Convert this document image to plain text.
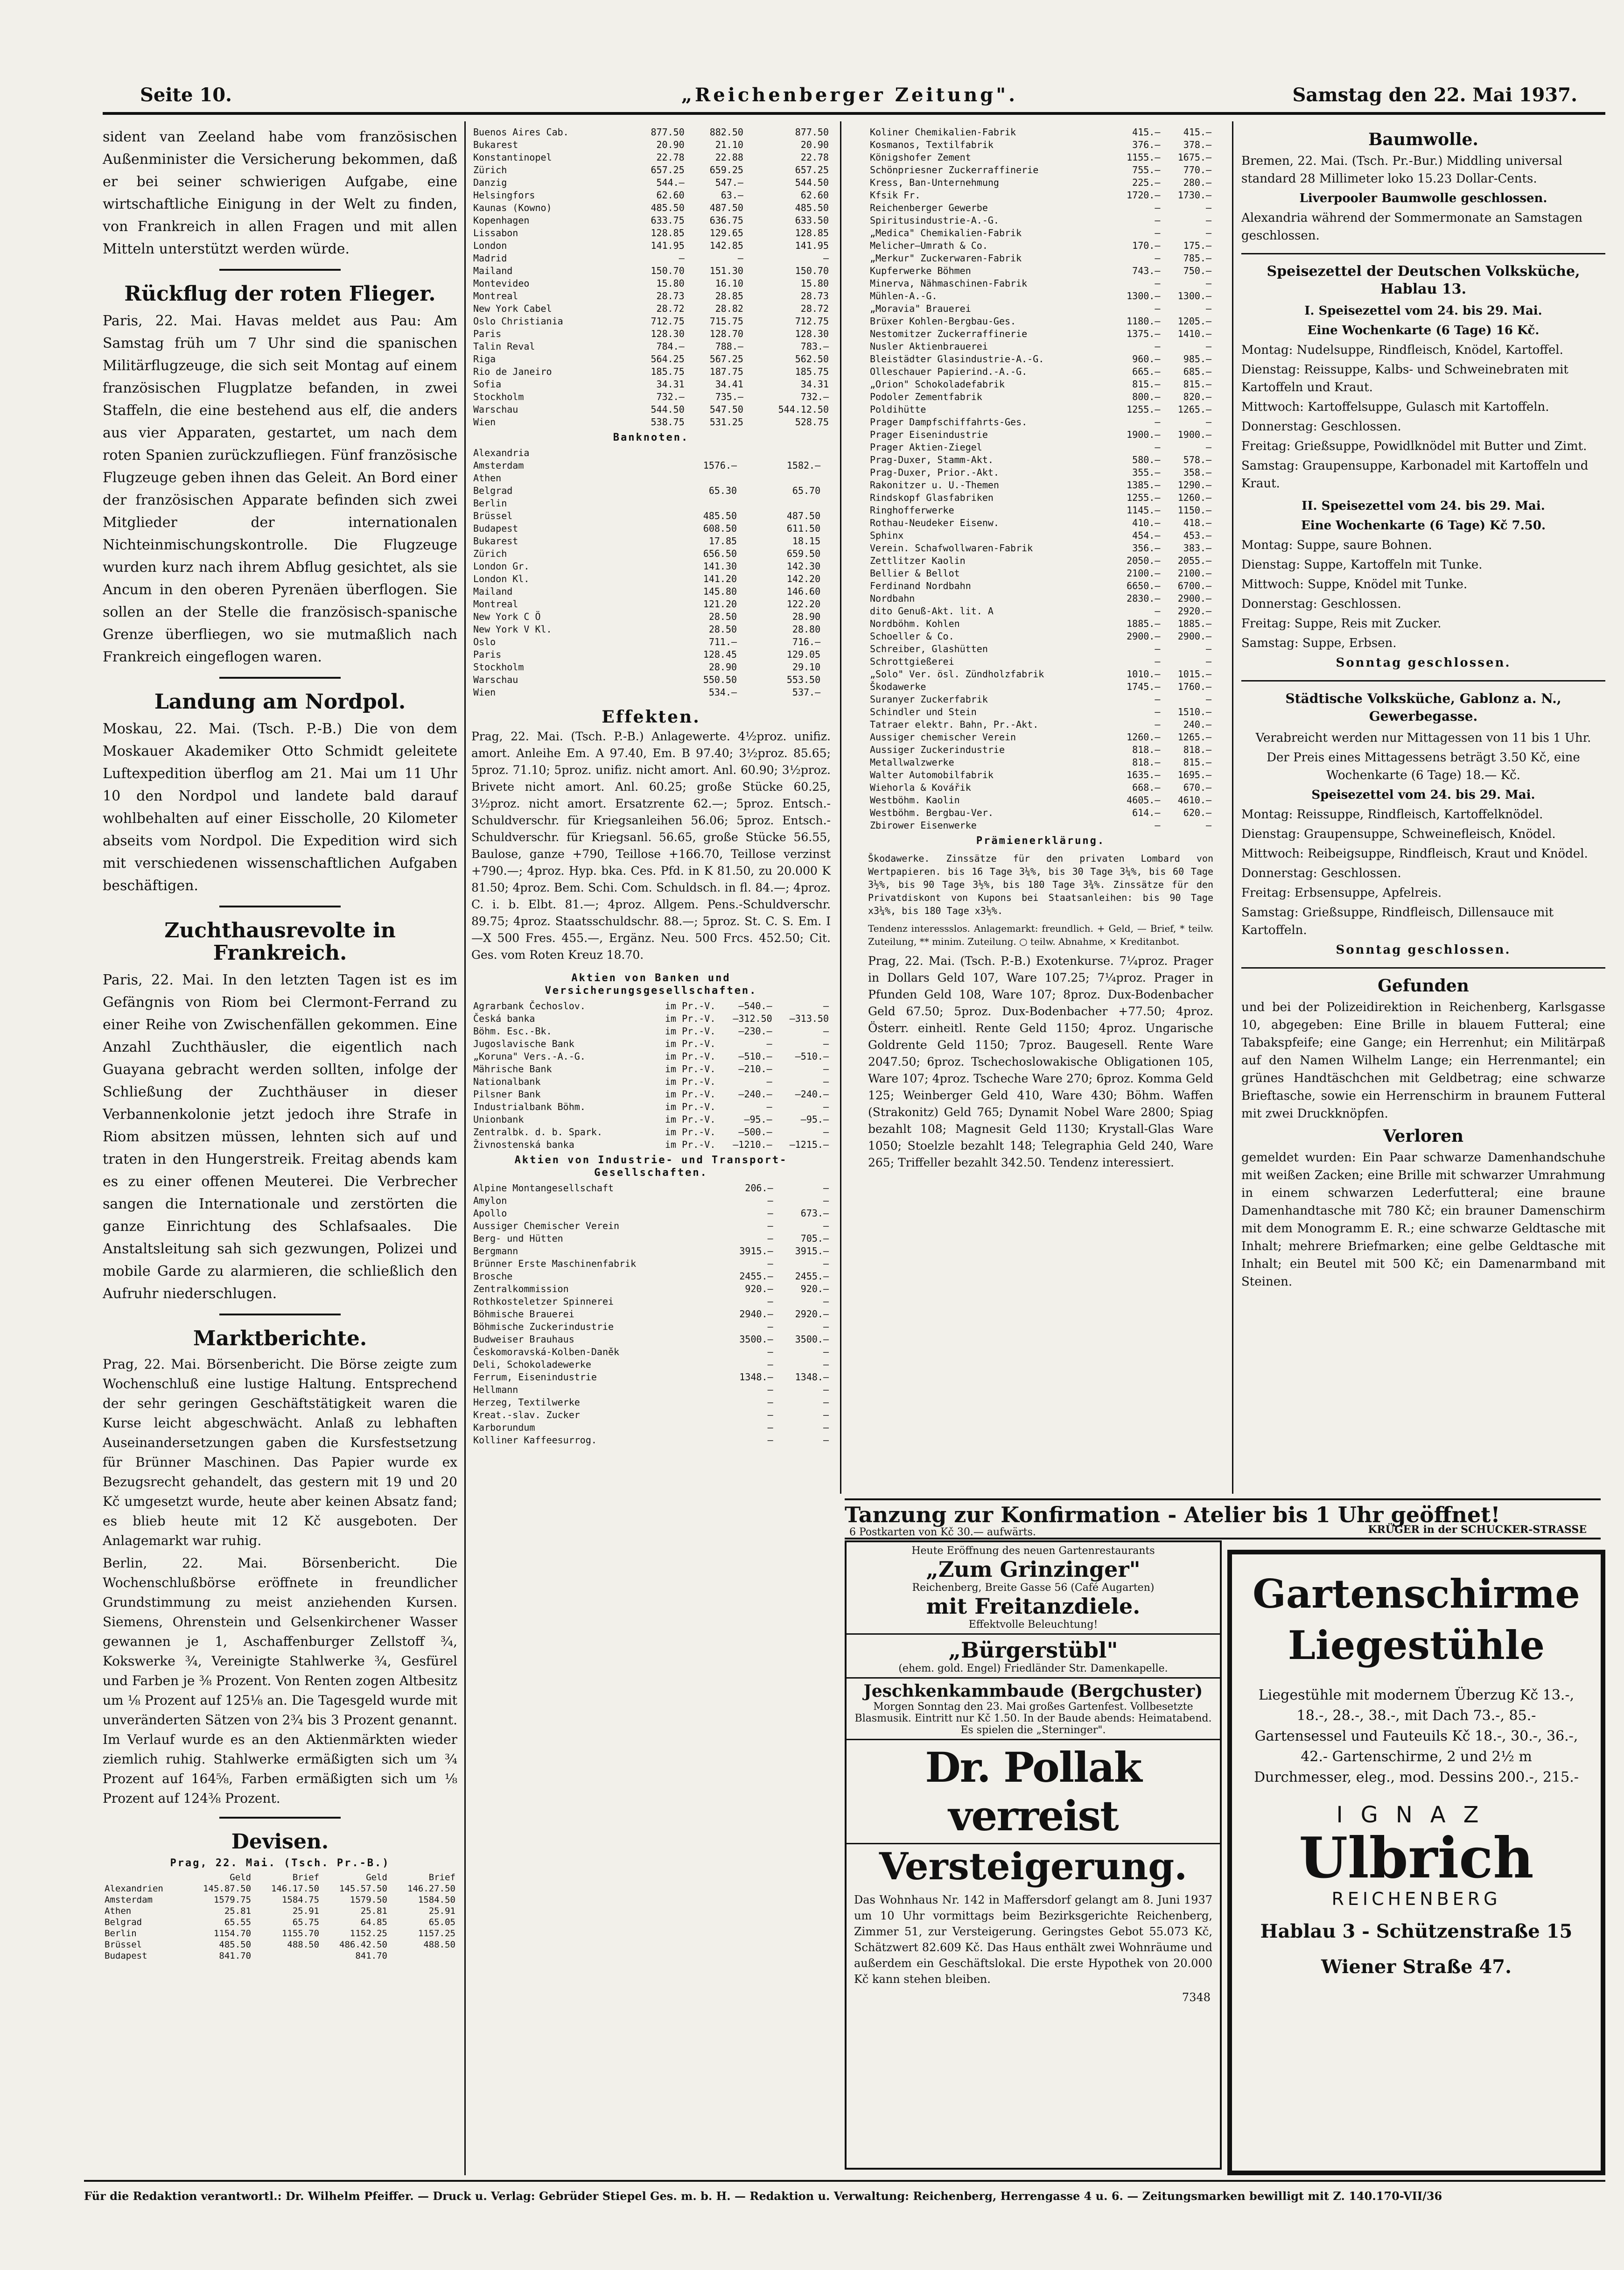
Seite 10.	„Reichenberger Zeitung".	Samstag den 22. Mai 1937.

sident van Zeeland habe vom französischen Außenminister die Versicherung bekommen, daß er bei seiner schwierigen Aufgabe, eine wirtschaftliche Einigung in der Welt zu finden, von Frankreich in allen Fragen und mit allen Mitteln unterstützt werden würde.

Rückflug der roten Flieger.

Paris, 22. Mai. Havas meldet aus Pau: Am Samstag früh um 7 Uhr sind die spanischen Militärflugzeuge, die sich seit Montag auf einem französischen Flugplatze befanden, in zwei Staffeln, die eine bestehend aus elf, die anders aus vier Apparaten, gestartet, um nach dem roten Spanien zurückzufliegen. Fünf französische Flugzeuge geben ihnen das Geleit. An Bord einer der französischen Apparate befinden sich zwei Mitglieder der internationalen Nichteinmischungskontrolle. Die Flugzeuge wurden kurz nach ihrem Abflug gesichtet, als sie Ancum in den oberen Pyrenäen überflogen. Sie sollen an der Stelle die französisch-spanische Grenze überfliegen, wo sie mutmaßlich nach Frankreich eingeflogen waren.

Landung am Nordpol.

Moskau, 22. Mai. (Tsch. P.-B.) Die von dem Moskauer Akademiker Otto Schmidt geleitete Luftexpedition überflog am 21. Mai um 11 Uhr 10 den Nordpol und landete bald darauf wohlbehalten auf einer Eisscholle, 20 Kilometer abseits vom Nordpol. Die Expedition wird sich mit verschiedenen wissenschaftlichen Aufgaben beschäftigen.

Zuchthausrevolte in Frankreich.

Paris, 22. Mai. In den letzten Tagen ist es im Gefängnis von Riom bei Clermont-Ferrand zu einer Reihe von Zwischenfällen gekommen. Eine Anzahl Zuchthäusler, die eigentlich nach Guayana gebracht werden sollten, infolge der Schließung der Zuchthäuser in dieser Verbannenkolonie jetzt jedoch ihre Strafe in Riom absitzen müssen, lehnten sich auf und traten in den Hungerstreik. Freitag abends kam es zu einer offenen Meuterei. Die Verbrecher sangen die Internationale und zerstörten die ganze Einrichtung des Schlafsaales. Die Anstaltsleitung sah sich gezwungen, Polizei und mobile Garde zu alarmieren, die schließlich den Aufruhr niederschlugen.

Marktberichte.

Prag, 22. Mai. Börsenbericht. Die Börse zeigte zum Wochenschluß eine lustige Haltung. Entsprechend der sehr geringen Geschäftstätigkeit waren die Kurse leicht abgeschwächt. Anlaß zu lebhaften Auseinandersetzungen gaben die Kursfestsetzung für Brünner Maschinen. Das Papier wurde ex Bezugsrecht gehandelt, das gestern mit 19 und 20 Kč umgesetzt wurde, heute aber keinen Absatz fand; es blieb heute mit 12 Kč ausgeboten. Der Anlagemarkt war ruhig.

Berlin, 22. Mai. Börsenbericht. Die Wochenschlußbörse eröffnete in freundlicher Grundstimmung zu meist anziehenden Kursen. Siemens, Ohrenstein und Gelsenkirchener Wasser gewannen je 1, Aschaffenburger Zellstoff ¾, Kokswerke ¾, Vereinigte Stahlwerke ¾, Gesfürel und Farben je ⅜ Prozent. Von Renten zogen Altbesitz um ⅛ Prozent auf 125⅛ an. Die Tagesgeld wurde mit unveränderten Sätzen von 2¾ bis 3 Prozent genannt. Im Verlauf wurde es an den Aktienmärkten wieder ziemlich ruhig. Stahlwerke ermäßigten sich um ¾ Prozent auf 164⅝, Farben ermäßigten sich um ⅛ Prozent auf 124⅜ Prozent.

Devisen.
Prag, 22. Mai. (Tsch. Pr.-B.)
	Geld	Brief	Geld	Brief
Alexandrien	145.87.50	146.17.50	145.57.50	146.27.50
Amsterdam	1579.75	1584.75	1579.50	1584.50
Athen	25.81	25.91	25.81	25.91
Belgrad	65.55	65.75	64.85	65.05
Berlin	1154.70	1155.70	1152.25	1157.25
Brüssel	485.50	488.50	486.42.50	488.50
Budapest	841.70		841.70	
Buenos Aires Cab.	877.50	882.50	877.50
Bukarest	20.90	21.10	20.90
Konstantinopel	22.78	22.88	22.78
Zürich	657.25	659.25	657.25
Danzig	544.—	547.—	544.50
Helsingfors	62.60	63.—	62.60
Kaunas (Kowno)	485.50	487.50	485.50
Kopenhagen	633.75	636.75	633.50
Lissabon	128.85	129.65	128.85
London	141.95	142.85	141.95
Madrid	—	—	—
Mailand	150.70	151.30	150.70
Montevideo	15.80	16.10	15.80
Montreal	28.73	28.85	28.73
New York Cabel	28.72	28.82	28.72
Oslo Christiania	712.75	715.75	712.75
Paris	128.30	128.70	128.30
Talin Reval	784.—	788.—	783.—
Riga	564.25	567.25	562.50
Rio de Janeiro	185.75	187.75	185.75
Sofia	34.31	34.41	34.31
Stockholm	732.—	735.—	732.—
Warschau	544.50	547.50	544.12.50
Wien	538.75	531.25	528.75
Banknoten.
Alexandria			
Amsterdam	1576.—	1582.—	
Athen			
Belgrad	65.30	65.70	
Berlin			
Brüssel	485.50	487.50	
Budapest	608.50	611.50	
Bukarest	17.85	18.15	
Zürich	656.50	659.50	
London Gr.	141.30	142.30	
London Kl.	141.20	142.20	
Mailand	145.80	146.60	
Montreal	121.20	122.20	
New York C Ö	28.50	28.90	
New York V Kl.	28.50	28.80	
Oslo	711.—	716.—	
Paris	128.45	129.05	
Stockholm	28.90	29.10	
Warschau	550.50	553.50	
Wien	534.—	537.—	
Effekten.
Prag, 22. Mai. (Tsch. P.-B.) Anlagewerte. 4½proz. unifiz. amort. Anleihe Em. A 97.40, Em. B 97.40; 3½proz. 85.65; 5proz. 71.10; 5proz. unifiz. nicht amort. Anl. 60.90; 3½proz. Brivete nicht amort. Anl. 60.25; große Stücke 60.25, 3½proz. nicht amort. Ersatzrente 62.—; 5proz. Entsch.-Schuldverschr. für Kriegsanleihen 56.06; 5proz. Entsch.-Schuldverschr. für Kriegsanl. 56.65, große Stücke 56.55, Baulose, ganze +790, Teillose +166.70, Teillose verzinst +790.—; 4proz. Hyp. bka. Ces. Pfd. in K 81.50, zu 20.000 K 81.50; 4proz. Bem. Schi. Com. Schuldsch. in fl. 84.—; 4proz. C. i. b. Elbt. 81.—; 4proz. Allgem. Pens.-Schuldverschr. 89.75; 4proz. Staatsschuldschr. 88.—; 5proz. St. C. S. Em. I—X 500 Fres. 455.—, Ergänz. Neu. 500 Frcs. 452.50; Cit. Ges. vom Roten Kreuz 18.70.
Aktien von Banken und Versicherungsgesellschaften.
Agrarbank Čechoslov.	im Pr.-V.	—540.—	—
Česká banka	im Pr.-V.	—312.50	—313.50
Böhm. Esc.-Bk.	im Pr.-V.	—230.—	—
Jugoslavische Bank	im Pr.-V.	—	—
„Koruna" Vers.-A.-G.	im Pr.-V.	—510.—	—510.—
Mährische Bank	im Pr.-V.	—210.—	—
Nationalbank	im Pr.-V.	—	—
Pilsner Bank	im Pr.-V.	—240.—	—240.—
Industrialbank Böhm.	im Pr.-V.	—	—
Unionbank	im Pr.-V.	—95.—	—95.—
Zentralbk. d. b. Spark.	im Pr.-V.	—500.—	—
Živnostenská banka	im Pr.-V.	—1210.—	—1215.—
Aktien von Industrie- und Transport-Gesellschaften.
Alpine Montangesellschaft	206.—	—
Amylon	—	—
Apollo	—	673.—
Aussiger Chemischer Verein	—	—
Berg- und Hütten	—	705.—
Bergmann	3915.—	3915.—
Brünner Erste Maschinenfabrik	—	—
Brosche	2455.—	2455.—
Zentralkommission	920.—	920.—
Rothkosteletzer Spinnerei	—	—
Böhmische Brauerei	2940.—	2920.—
Böhmische Zuckerindustrie	—	—
Budweiser Brauhaus	3500.—	3500.—
Českomoravská-Kolben-Daněk	—	—
Deli, Schokoladewerke	—	—
Ferrum, Eisenindustrie	1348.—	1348.—
Hellmann	—	—
Herzeg, Textilwerke	—	—
Kreat.-slav. Zucker	—	—
Karborundum	—	—
Kolliner Kaffeesurrog.	—	—
Koliner Chemikalien-Fabrik	415.—	415.—
Kosmanos, Textilfabrik	376.—	378.—
Königshofer Zement	1155.—	1675.—
Schönpriesner Zuckerraffinerie	755.—	770.—
Kress, Ban-Unternehmung	225.—	280.—
Kfsik Fr.	1720.—	1730.—
Reichenberger Gewerbe	—	—
Spiritusindustrie-A.-G.	—	—
„Medica" Chemikalien-Fabrik	—	—
Melicher—Umrath & Co.	170.—	175.—
„Merkur" Zuckerwaren-Fabrik	—	785.—
Kupferwerke Böhmen	743.—	750.—
Minerva, Nähmaschinen-Fabrik	—	—
Mühlen-A.-G.	1300.—	1300.—
„Moravia" Brauerei	—	—
Brüxer Kohlen-Bergbau-Ges.	1180.—	1205.—
Nestomitzer Zuckerraffinerie	1375.—	1410.—
Nusler Aktienbrauerei	—	—
Bleistädter Glasindustrie-A.-G.	960.—	985.—
Olleschauer Papierind.-A.-G.	665.—	685.—
„Orion" Schokoladefabrik	815.—	815.—
Podoler Zementfabrik	800.—	820.—
Poldihütte	1255.—	1265.—
Prager Dampfschiffahrts-Ges.	—	—
Prager Eisenindustrie	1900.—	1900.—
Prager Aktien-Ziegel	—	—
Prag-Duxer, Stamm-Akt.	580.—	578.—
Prag-Duxer, Prior.-Akt.	355.—	358.—
Rakonitzer u. U.-Themen	1385.—	1290.—
Rindskopf Glasfabriken	1255.—	1260.—
Ringhofferwerke	1145.—	1150.—
Rothau-Neudeker Eisenw.	410.—	418.—
Sphinx	454.—	453.—
Verein. Schafwollwaren-Fabrik	356.—	383.—
Zettlitzer Kaolin	2050.—	2055.—
Bellier & Bellot	2100.—	2100.—
Ferdinand Nordbahn	6650.—	6700.—
Nordbahn	2830.—	2900.—
dito Genuß-Akt. lit. A	—	2920.—
Nordböhm. Kohlen	1885.—	1885.—
Schoeller & Co.	2900.—	2900.—
Schreiber, Glashütten	—	—
Schrottgießerei	—	—
„Solo" Ver. ösl. Zündholzfabrik	1010.—	1015.—
Škodawerke	1745.—	1760.—
Suranyer Zuckerfabrik	—	—
Schindler und Stein	—	1510.—
Tatraer elektr. Bahn, Pr.-Akt.	—	240.—
Aussiger chemischer Verein	1260.—	1265.—
Aussiger Zuckerindustrie	818.—	818.—
Metallwalzwerke	818.—	815.—
Walter Automobilfabrik	1635.—	1695.—
Wiehorla & Kovářik	668.—	670.—
Westböhm. Kaolin	4605.—	4610.—
Westböhm. Bergbau-Ver.	614.—	620.—
Zbirower Eisenwerke	—	—
Prämienerklärung.
Škodawerke. Zinssätze für den privaten Lombard von Wertpapieren. bis 16 Tage 3¼%, bis 30 Tage 3¼%, bis 60 Tage 3½%, bis 90 Tage 3½%, bis 180 Tage 3¾%. Zinssätze für den Privatdiskont von Kupons bei Staatsanleihen: bis 90 Tage x3¼%, bis 180 Tage x3½%.
Tendenz interessslos. Anlagemarkt: freundlich. + Geld, — Brief, * teilw. Zuteilung, ** minim. Zuteilung. ○ teilw. Abnahme, × Kreditanbot.
Prag, 22. Mai. (Tsch. P.-B.) Exotenkurse. 7¼proz. Prager in Dollars Geld 107, Ware 107.25; 7¼proz. Prager in Pfunden Geld 108, Ware 107; 8proz. Dux-Bodenbacher Geld 67.50; 5proz. Dux-Bodenbacher +77.50; 4proz. Österr. einheitl. Rente Geld 1150; 4proz. Ungarische Goldrente Geld 1150; 7proz. Baugesell. Rente Ware 2047.50; 6proz. Tschechoslowakische Obligationen 105, Ware 107; 4proz. Tscheche Ware 270; 6proz. Komma Geld 125; Weinberger Geld 410, Ware 430; Böhm. Waffen (Strakonitz) Geld 765; Dynamit Nobel Ware 2800; Spiag bezahlt 108; Magnesit Geld 1130; Krystall-Glas Ware 1050; Stoelzle bezahlt 148; Telegraphia Geld 240, Ware 265; Triffeller bezahlt 342.50. Tendenz interessiert.
Baumwolle.

Bremen, 22. Mai. (Tsch. Pr.-Bur.) Middling universal standard 28 Millimeter loko 15.23 Dollar-Cents.

Liverpooler Baumwolle geschlossen.

Alexandria während der Sommermonate an Samstagen geschlossen.

Speisezettel der Deutschen Volksküche, Hablau 13.

I. Speisezettel vom 24. bis 29. Mai.

Eine Wochenkarte (6 Tage) 16 Kč.

Montag: Nudelsuppe, Rindfleisch, Knödel, Kartoffel.

Dienstag: Reissuppe, Kalbs- und Schweinebraten mit Kartoffeln und Kraut.

Mittwoch: Kartoffelsuppe, Gulasch mit Kartoffeln.

Donnerstag: Geschlossen.

Freitag: Grießsuppe, Powidlknödel mit Butter und Zimt.

Samstag: Graupensuppe, Karbonadel mit Kartoffeln und Kraut.

II. Speisezettel vom 24. bis 29. Mai.

Eine Wochenkarte (6 Tage) Kč 7.50.

Montag: Suppe, saure Bohnen.

Dienstag: Suppe, Kartoffeln mit Tunke.

Mittwoch: Suppe, Knödel mit Tunke.

Donnerstag: Geschlossen.

Freitag: Suppe, Reis mit Zucker.

Samstag: Suppe, Erbsen.

Sonntag geschlossen.

Städtische Volksküche, Gablonz a. N., Gewerbegasse.

Verabreicht werden nur Mittagessen von 11 bis 1 Uhr.

Der Preis eines Mittagessens beträgt 3.50 Kč, eine Wochenkarte (6 Tage) 18.— Kč.

Speisezettel vom 24. bis 29. Mai.

Montag: Reissuppe, Rindfleisch, Kartoffelknödel.

Dienstag: Graupensuppe, Schweinefleisch, Knödel.

Mittwoch: Reibeigsuppe, Rindfleisch, Kraut und Knödel.

Donnerstag: Geschlossen.

Freitag: Erbsensuppe, Apfelreis.

Samstag: Grießsuppe, Rindfleisch, Dillensauce mit Kartoffeln.

Sonntag geschlossen.

Gefunden

und bei der Polizeidirektion in Reichenberg, Karlsgasse 10, abgegeben: Eine Brille in blauem Futteral; eine Tabakspfeife; eine Gange; ein Herrenhut; ein Militärpaß auf den Namen Wilhelm Lange; ein Herrenmantel; ein grünes Handtäschchen mit Geldbetrag; eine schwarze Brieftasche, sowie ein Herrenschirm in braunem Futteral mit zwei Druckknöpfen.

Verloren

gemeldet wurden: Ein Paar schwarze Damenhandschuhe mit weißen Zacken; eine Brille mit schwarzer Umrahmung in einem schwarzen Lederfutteral; eine braune Damenhandtasche mit 780 Kč; ein brauner Damenschirm mit dem Monogramm E. R.; eine schwarze Geldtasche mit Inhalt; mehrere Briefmarken; eine gelbe Geldtasche mit Inhalt; ein Beutel mit 500 Kč; ein Damenarmband mit Steinen.

Tanzung zur Konfirmation - Atelier bis 1 Uhr geöffnet!
6 Postkarten von Kč 30.— aufwärts.	KRÜGER in der SCHUCKER-STRASSE
Heute Eröffnung des neuen Gartenrestaurants
„Zum Grinzinger"
Reichenberg, Breite Gasse 56 (Café Augarten)
mit Freitanzdiele.
Effektvolle Beleuchtung!
„Bürgerstübl"
(ehem. gold. Engel) Friedländer Str. Damenkapelle.
Jeschkenkammbaude (Bergchuster)
Morgen Sonntag den 23. Mai großes Gartenfest. Vollbesetzte Blasmusik. Eintritt nur Kč 1.50. In der Baude abends: Heimatabend. Es spielen die „Sterninger".
Dr. Pollak verreist
Versteigerung.
Das Wohnhaus Nr. 142 in Maffersdorf gelangt am 8. Juni 1937 um 10 Uhr vormittags beim Bezirksgerichte Reichenberg, Zimmer 51, zur Versteigerung. Geringstes Gebot 55.073 Kč, Schätzwert 82.609 Kč. Das Haus enthält zwei Wohnräume und außerdem ein Geschäftslokal. Die erste Hypothek von 20.000 Kč kann stehen bleiben.
7348
Gartenschirme Liegestühle
Liegestühle mit modernem Überzug Kč 13.-, 18.-, 28.-, 38.-, mit Dach 73.-, 85.- Gartensessel und Fauteuils Kč 18.-, 30.-, 36.-, 42.- Gartenschirme, 2 und 2½ m Durchmesser, eleg., mod. Dessins 200.-, 215.-
IGNAZ
Ulbrich
REICHENBERG
Hablau 3 - Schützenstraße 15
Wiener Straße 47.
Für die Redaktion verantwortl.: Dr. Wilhelm Pfeiffer. — Druck u. Verlag: Gebrüder Stiepel Ges. m. b. H. — Redaktion u. Verwaltung: Reichenberg, Herrengasse 4 u. 6. — Zeitungsmarken bewilligt mit Z. 140.170-VII/36
